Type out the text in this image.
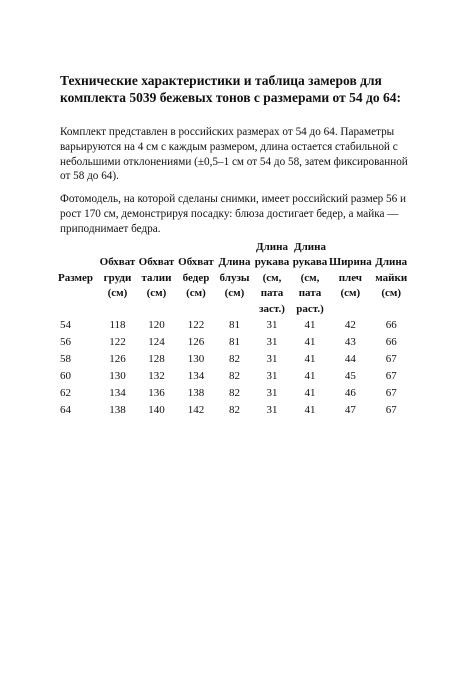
Технические характеристики и таблица замеров для комплекта 5039 бежевых тонов с размерами от 54 до 64:

Комплект представлен в российских размерах от 54 до 64. Параметры варьируются на 4 см с каждым размером, длина остается стабильной с небольшими отклонениями (±0,5–1 см от 54 до 58, затем фиксированной от 58 до 64).

Фотомодель, на которой сделаны снимки, имеет российский размер 56 и рост 170 см, демонстрируя посадку: блюза достигает бедер, а майка — приподнимает бедра.

Размер	Обхват
груди
(см)	Обхват
талии
(см)	Обхват
бедер
(см)	Длина
блузы
(см)	Длина
рукава
(см,
пата
заст.)	Длина
рукава
(см,
пата
раст.)	Ширина
плеч
(см)	Длина
майки
(см)

54	118	120	122	81	31	41	42	66
56	122	124	126	81	31	41	43	66
58	126	128	130	82	31	41	44	67
60	130	132	134	82	31	41	45	67
62	134	136	138	82	31	41	46	67
64	138	140	142	82	31	41	47	67
